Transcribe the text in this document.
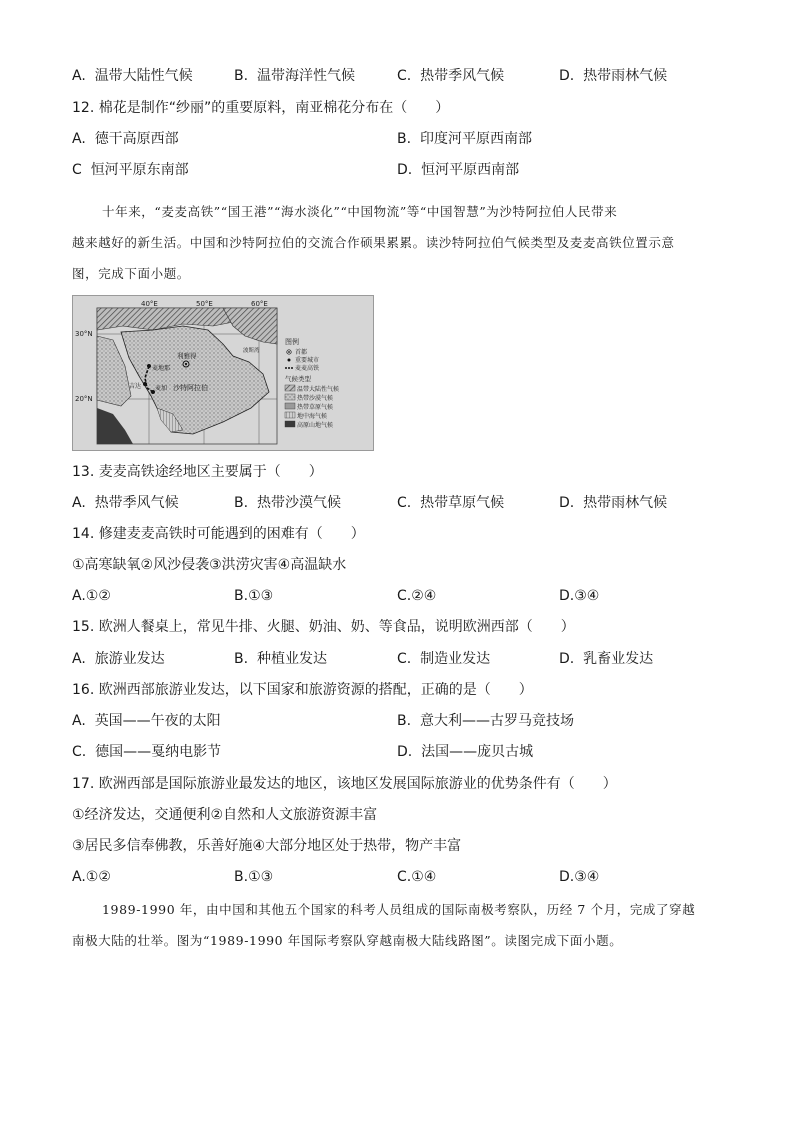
A. 温带大陆性气候	B. 温带海洋性气候	C. 热带季风气候	D. 热带雨林气候
12. 棉花是制作“纱丽”的重要原料，南亚棉花分布在（　　）
A. 德干高原西部	B. 印度河平原西南部
C 恒河平原东南部	D. 恒河平原西南部
十年来，“麦麦高铁”“国王港”“海水淡化”“中国物流”等“中国智慧”为沙特阿拉伯人民带来
越来越好的新生活。中国和沙特阿拉伯的交流合作硕果累累。读沙特阿拉伯气候类型及麦麦高铁位置示意
图，完成下面小题。
40°E	50°E	60°E
30°N
20°N
利雅得
麦地那
吉达 麦加 沙特阿拉伯
波斯湾
图例
首都
重要城市
麦麦高铁
气候类型
温带大陆性气候
热带沙漠气候
热带草原气候
地中海气候
高原山地气候
13. 麦麦高铁途经地区主要属于（　　）
A. 热带季风气候	B. 热带沙漠气候	C. 热带草原气候	D. 热带雨林气候
14. 修建麦麦高铁时可能遇到的困难有（　　）
①高寒缺氧②风沙侵袭③洪涝灾害④高温缺水
A.①②	B.①③	C.②④	D.③④
15. 欧洲人餐桌上，常见牛排、火腿、奶油、奶、等食品，说明欧洲西部（　　）
A. 旅游业发达	B. 种植业发达	C. 制造业发达	D. 乳畜业发达
16. 欧洲西部旅游业发达，以下国家和旅游资源的搭配，正确的是（　　）
A. 英国——午夜的太阳	B. 意大利——古罗马竞技场
C. 德国——戛纳电影节	D. 法国——庞贝古城
17. 欧洲西部是国际旅游业最发达的地区，该地区发展国际旅游业的优势条件有（　　）
①经济发达，交通便利②自然和人文旅游资源丰富
③居民多信奉佛教，乐善好施④大部分地区处于热带，物产丰富
A.①②	B.①③	C.①④	D.③④
1989-1990 年，由中国和其他五个国家的科考人员组成的国际南极考察队，历经 7 个月，完成了穿越
南极大陆的壮举。图为“1989-1990 年国际考察队穿越南极大陆线路图”。读图完成下面小题。
